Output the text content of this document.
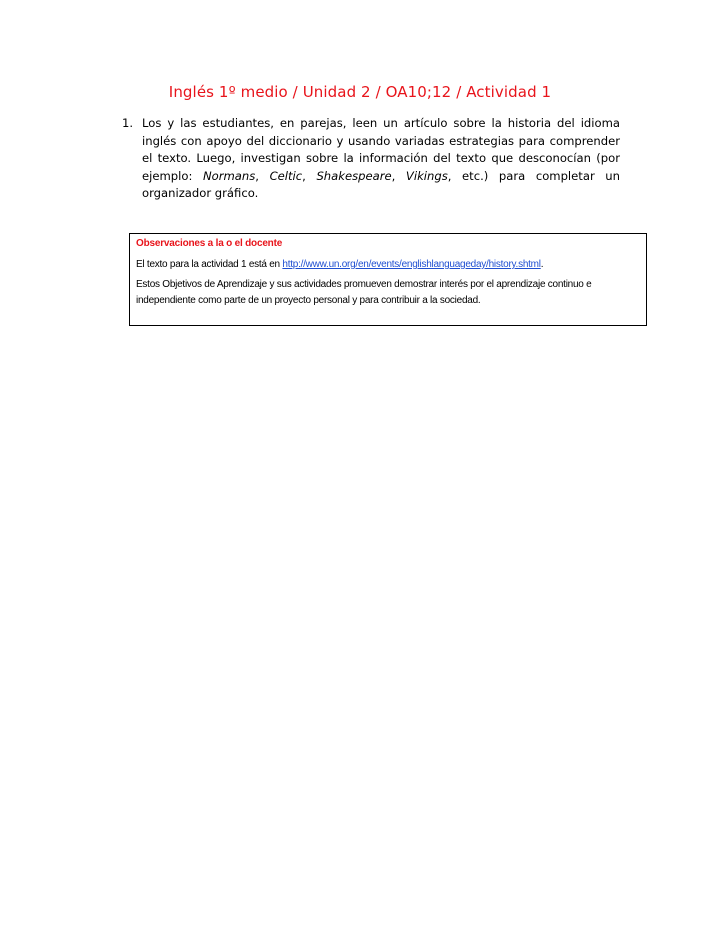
Inglés 1º medio / Unidad 2 / OA10;12 / Actividad 1
1. Los y las estudiantes, en parejas, leen un artículo sobre la historia del idioma inglés con apoyo del diccionario y usando variadas estrategias para comprender el texto. Luego, investigan sobre la información del texto que desconocían (por ejemplo: Normans, Celtic, Shakespeare, Vikings, etc.) para completar un organizador gráfico.

Observaciones a la o el docente

El texto para la actividad 1 está en http://www.un.org/en/events/englishlanguageday/history.shtml.

Estos Objetivos de Aprendizaje y sus actividades promueven demostrar interés por el aprendizaje continuo e independiente como parte de un proyecto personal y para contribuir a la sociedad.
